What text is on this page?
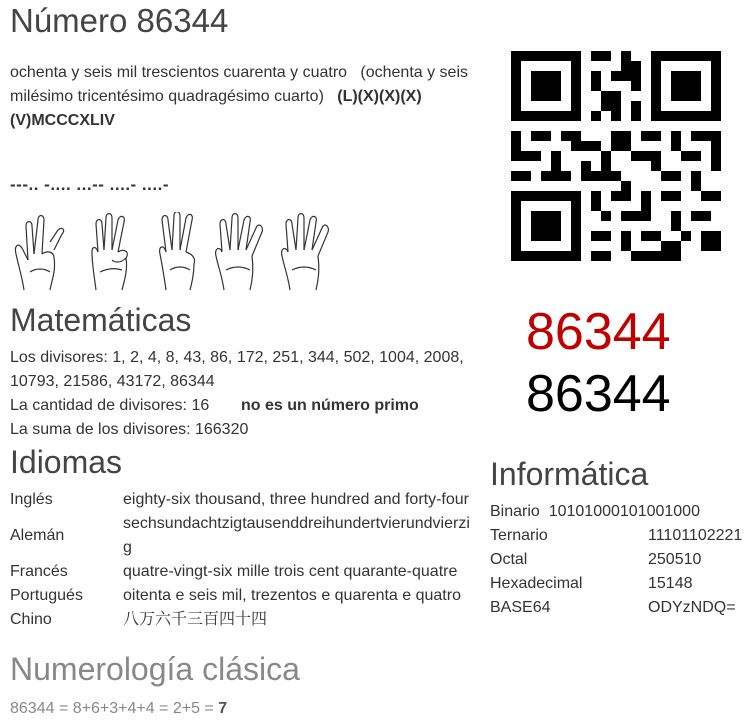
Número 86344
ochenta y seis mil trescientos cuarenta y cuatro (ochenta y seis milésimo tricentésimo quadragésimo cuarto) (L)(X)(X)(X)(V)MCCCXLIV
---.. -.... ...-- ....- ....-
Matemáticas
Los divisores: 1, 2, 4, 8, 43, 86, 172, 251, 344, 502, 1004, 2008,
10793, 21586, 43172, 86344
La cantidad de divisores: 16 no es un número primo
La suma de los divisores: 166320
86344
86344
Idiomas
Inglés	eighty-six thousand, three hundred and forty-four
Alemán
sechsundachtzigtausenddreihundertvierundvierzig
Francés	quatre-vingt-six mille trois cent quarante-quatre
Portugués	oitenta e seis mil, trezentos e quarenta e quatro
Chino	八万六千三百四十四
Informática
Binario 10101000101001000
Ternario	11101102221
Octal	250510
Hexadecimal	15148
BASE64	ODYzNDQ=
Numerología clásica
86344 = 8+6+3+4+4 = 2+5 = 7
